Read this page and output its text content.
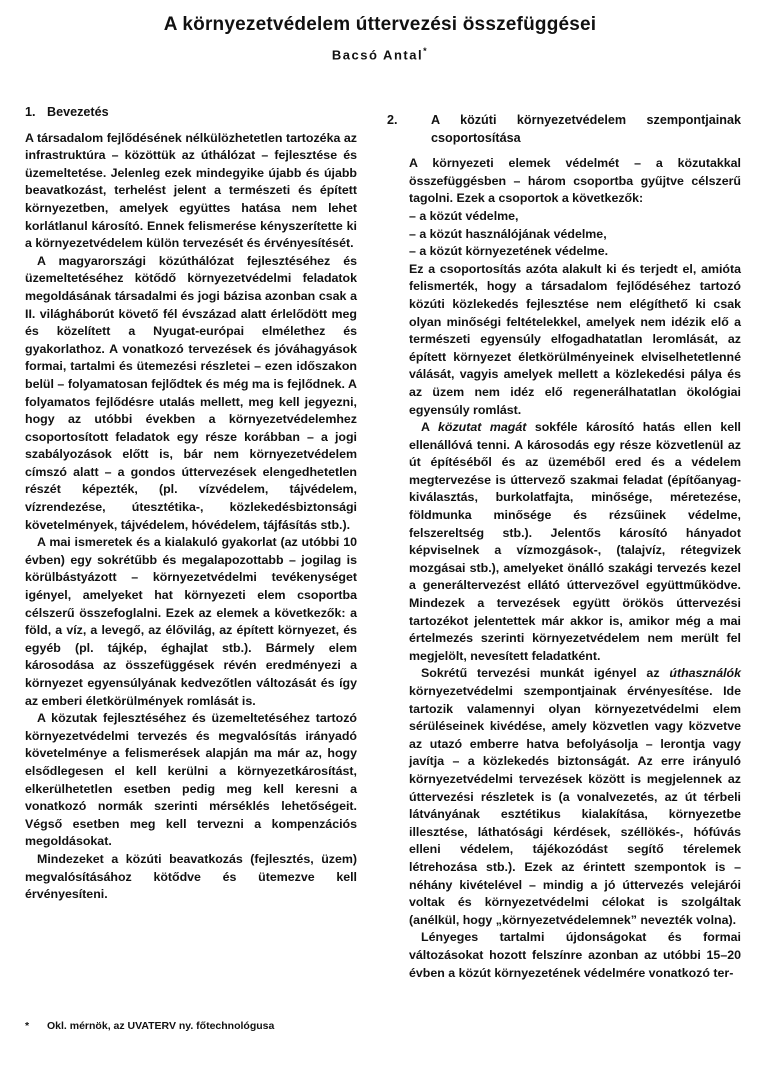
A környezetvédelem úttervezési összefüggései
Bacsó Antal*
1. Bevezetés

A társadalom fejlődésének nélkülözhetetlen tartozéka az infrastruktúra – közöttük az úthálózat – fejlesztése és üzemeltetése. Jelenleg ezek mindegyike újabb és újabb beavatkozást, terhelést jelent a természeti és épített környezetben, amelyek együttes hatása nem lehet korlátlanul károsító. Ennek felismerése kényszerítette ki a környezetvédelem külön tervezését és érvényesítését.

A magyarországi közúthálózat fejlesztéséhez és üzemeltetéséhez kötődő környezetvédelmi feladatok megoldásának társadalmi és jogi bázisa azonban csak a II. világháborút követő fél évszázad alatt érlelődött meg és közelített a Nyugat-európai elmélethez és gyakorlathoz. A vonatkozó tervezések és jóváhagyások formai, tartalmi és ütemezési részletei – ezen időszakon belül – folyamatosan fejlődtek és még ma is fejlődnek. A folyamatos fejlődésre utalás mellett, meg kell jegyezni, hogy az utóbbi években a környezetvédelemhez csoportosított feladatok egy része korábban – a jogi szabályozások előtt is, bár nem környezetvédelem címszó alatt – a gondos úttervezések elengedhetetlen részét képezték, (pl. vízvédelem, tájvédelem, vízrendezése, útesztétika-, közlekedésbiztonsági követelmények, tájvédelem, hóvédelem, tájfásítás stb.).

A mai ismeretek és a kialakuló gyakorlat (az utóbbi 10 évben) egy sokrétűbb és megalapozottabb – jogilag is körülbástyázott – környezetvédelmi tevékenységet igényel, amelyeket hat környezeti elem csoportba célszerű összefoglalni. Ezek az elemek a következők: a föld, a víz, a levegő, az élővilág, az épített környezet, és egyéb (pl. tájkép, éghajlat stb.). Bármely elem károsodása az összefüggések révén eredményezi a környezet egyensúlyának kedvezőtlen változását és így az emberi életkörülmények romlását is.

A közutak fejlesztéséhez és üzemeltetéséhez tartozó környezetvédelmi tervezés és megvalósítás irányadó követelménye a felismerések alapján ma már az, hogy elsődlegesen el kell kerülni a környezetkárosítást, elkerülhetetlen esetben pedig meg kell keresni a vonatkozó normák szerinti mérséklés lehetőségeit. Végső esetben meg kell tervezni a kompenzációs megoldásokat.

Mindezeket a közúti beavatkozás (fejlesztés, üzem) megvalósításához kötődve és ütemezve kell érvényesíteni.

* Okl. mérnök, az UVATERV ny. főtechnológusa
2.	A közúti környezetvédelem szempontjainak csoportosítása

A környezeti elemek védelmét – a közutakkal összefüggésben – három csoportba gyűjtve célszerű tagolni. Ezek a csoportok a következők:

– a közút védelme,
– a közút használójának védelme,
– a közút környezetének védelme.

Ez a csoportosítás azóta alakult ki és terjedt el, amióta felismerték, hogy a társadalom fejlődéséhez tartozó közúti közlekedés fejlesztése nem elégíthető ki csak olyan minőségi feltételekkel, amelyek nem idézik elő a természeti egyensúly elfogadhatatlan leromlását, az épített környezet életkörülményeinek elviselhetetlenné válását, vagyis amelyek mellett a közlekedési pálya és az üzem nem idéz elő regenerálhatatlan ökológiai egyensúly romlást.

A közutat magát sokféle károsító hatás ellen kell ellenállóvá tenni. A károsodás egy része közvetlenül az út építéséből és az üzeméből ered és a védelem megtervezése is úttervező szakmai feladat (építőanyag-kiválasztás, burkolatfajta, minősége, méretezése, földmunka minősége és rézsűinek védelme, felszereltség stb.). Jelentős károsító hányadot képviselnek a vízmozgások-, (talajvíz, rétegvizek mozgásai stb.), amelyeket önálló szakági tervezés kezel a generáltervezést ellátó úttervezővel együttműködve. Mindezek a tervezések együtt örökös úttervezési tartozékot jelentettek már akkor is, amikor még a mai értelmezés szerinti környezetvédelem nem merült fel megjelölt, nevesített feladatként.

Sokrétű tervezési munkát igényel az úthasználók környezetvédelmi szempontjainak érvényesítése. Ide tartozik valamennyi olyan környezetvédelmi elem sérüléseinek kivédése, amely közvetlen vagy közvetve az utazó emberre hatva befolyásolja – lerontja vagy javítja – a közlekedés biztonságát. Az erre irányuló környezetvédelmi tervezések között is megjelennek az úttervezési részletek is (a vonalvezetés, az út térbeli látványának esztétikus kialakítása, környezetbe illesztése, láthatósági kérdések, széllökés-, hófúvás elleni védelem, tájékozódást segítő térelemek létrehozása stb.). Ezek az érintett szempontok is – néhány kivételével – mindig a jó úttervezés velejárói voltak és környezetvédelmi célokat is szolgáltak (anélkül, hogy „környezetvédelemnek” nevezték volna).

Lényeges tartalmi újdonságokat és formai változásokat hozott felszínre azonban az utóbbi 15–20 évben a közút környezetének védelmére vonatkozó ter-
